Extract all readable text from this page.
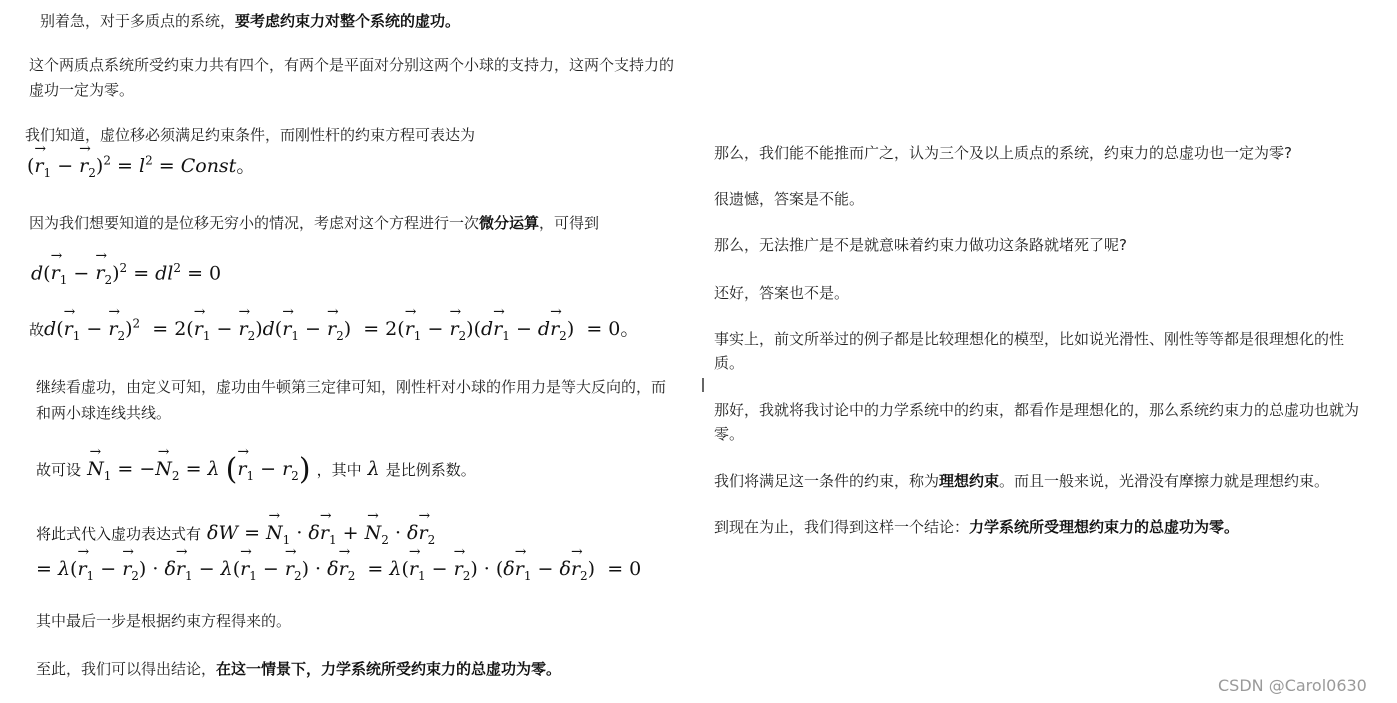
别着急，对于多质点的系统，要考虑约束力对整个系统的虚功。
这个两质点系统所受约束力共有四个，有两个是平面对分别这两个小球的支持力，这两个支持力的
虚功一定为零。
我们知道，虚位移必须满足约束条件，而刚性杆的约束方程可表达为
(→ $r_1$ − → $r_2)^2 = l^2$ = Const。
因为我们想要知道的是位移无穷小的情况，考虑对这个方程进行一次微分运算，可得到
$d(\to r_1$ − → $r_2)^2 = dl^2 = 0$
故$d(\to r_1$ − → $r_2)^2 = 2(\to r_1$ − → $r_2)d(\to r_1$ − → $r_2) = 2(\to r_1$ − → $r_2)(d\to r_1 - d\to r_2) = 0$。
继续看虚功，由定义可知，虚功由牛顿第三定律可知，刚性杆对小球的作用力是等大反向的，而
和两小球连线共线。
故可设 → $N_1$ = −→ $N_2 = \lambda$ (→ $r_1 - r_2$) ，其中 λ 是比例系数。
将此式代入虚功表达式有 δW = → $N_1 \cdot \delta\to r_1$ + → $N_2 \cdot \delta\to r_2$
= $\lambda(\to r_1$ − → $r_2) \cdot \delta\to r_1 - \lambda(\to r_1$ − → $r_2) \cdot \delta\to r_2 = \lambda(\to r_1$ − → $r_2) \cdot (\delta\to r_1 - \delta\to r_2) = 0$
其中最后一步是根据约束方程得来的。
至此，我们可以得出结论，在这一情景下，力学系统所受约束力的总虚功为零。
那么，我们能不能推而广之，认为三个及以上质点的系统，约束力的总虚功也一定为零?
很遗憾，答案是不能。
那么，无法推广是不是就意味着约束力做功这条路就堵死了呢?
还好，答案也不是。
事实上，前文所举过的例子都是比较理想化的模型，比如说光滑性、刚性等等都是很理想化的性
质。
那好，我就将我讨论中的力学系统中的约束，都看作是理想化的，那么系统约束力的总虚功也就为
零。
我们将满足这一条件的约束，称为理想约束。而且一般来说，光滑没有摩擦力就是理想约束。
到现在为止，我们得到这样一个结论：力学系统所受理想约束力的总虚功为零。
CSDN @Carol0630
